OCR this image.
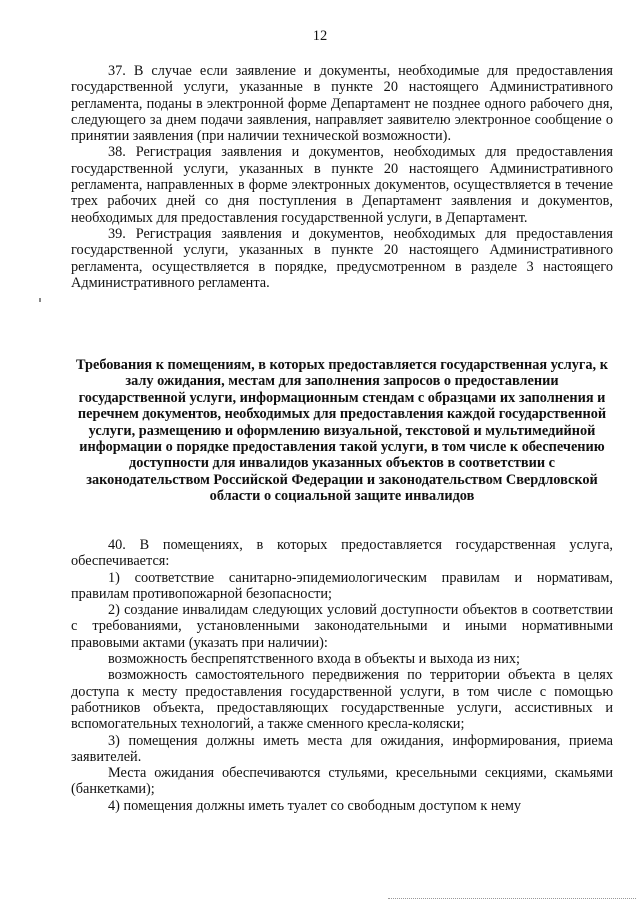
12

37. В случае если заявление и документы, необходимые для предоставления государственной услуги, указанные в пункте 20 настоящего Административного регламента, поданы в электронной форме Департамент не позднее одного рабочего дня, следующего за днем подачи заявления, направляет заявителю электронное сообщение о принятии заявления (при наличии технической возможности).

38. Регистрация заявления и документов, необходимых для предоставления государственной услуги, указанных в пункте 20 настоящего Административного регламента, направленных в форме электронных документов, осуществляется в течение трех рабочих дней со дня поступления в Департамент заявления и документов, необходимых для предоставления государственной услуги, в Департамент.

39. Регистрация заявления и документов, необходимых для предоставления государственной услуги, указанных в пункте 20 настоящего Административного регламента, осуществляется в порядке, предусмотренном в разделе 3 настоящего Административного регламента.

Требования к помещениям, в которых предоставляется государственная услуга, к залу ожидания, местам для заполнения запросов о предоставлении государственной услуги, информационным стендам с образцами их заполнения и перечнем документов, необходимых для предоставления каждой государственной услуги, размещению и оформлению визуальной, текстовой и мультимедийной информации о порядке предоставления такой услуги, в том числе к обеспечению доступности для инвалидов указанных объектов в соответствии с законодательством Российской Федерации и законодательством Свердловской области о социальной защите инвалидов

40. В помещениях, в которых предоставляется государственная услуга, обеспечивается:

1) соответствие санитарно-эпидемиологическим правилам и нормативам, правилам противопожарной безопасности;

2) создание инвалидам следующих условий доступности объектов в соответствии с требованиями, установленными законодательными и иными нормативными правовыми актами (указать при наличии):

возможность беспрепятственного входа в объекты и выхода из них;

возможность самостоятельного передвижения по территории объекта в целях доступа к месту предоставления государственной услуги, в том числе с помощью работников объекта, предоставляющих государственные услуги, ассистивных и вспомогательных технологий, а также сменного кресла-коляски;

3) помещения должны иметь места для ожидания, информирования, приема заявителей.

Места ожидания обеспечиваются стульями, кресельными секциями, скамьями (банкетками);

4) помещения должны иметь туалет со свободным доступом к нему
